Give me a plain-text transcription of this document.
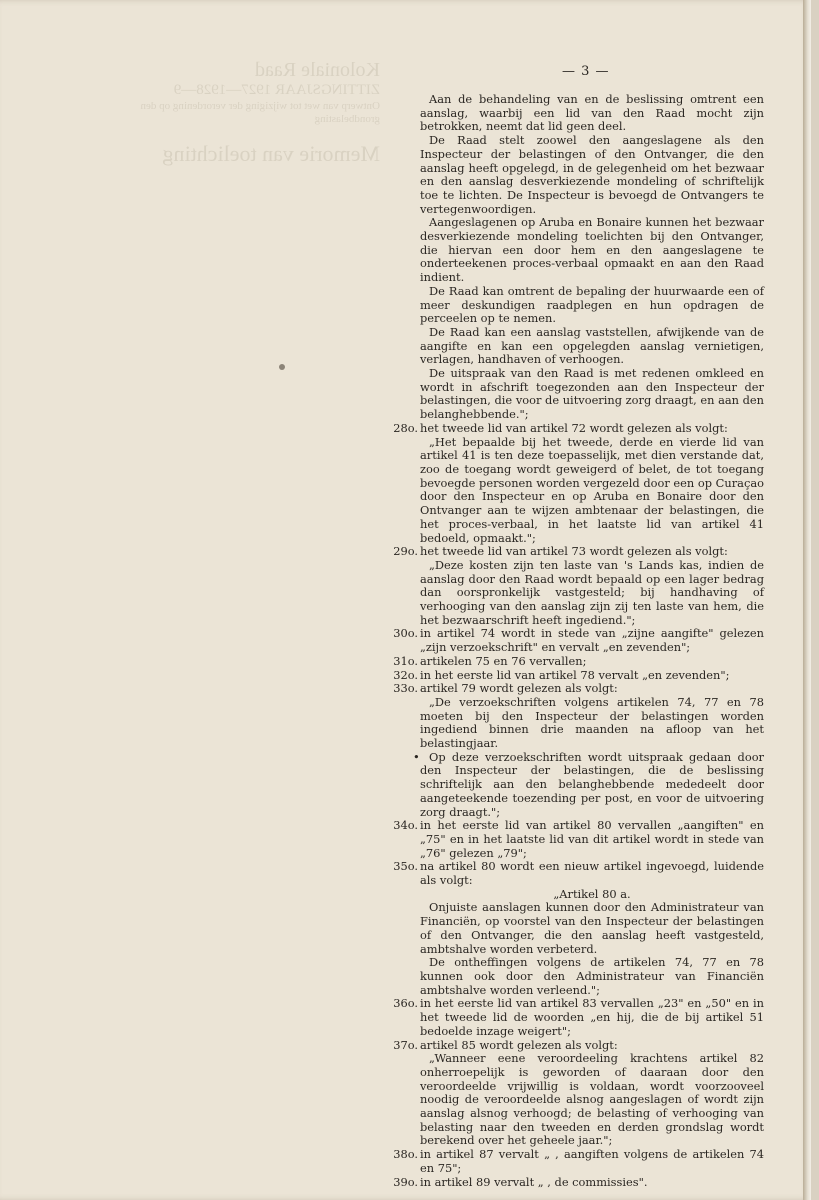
Koloniale Raad
ZITTINGSJAAR 1927—1928—9
Ontwerp van wet tot wijziging der verordening op den grondbelasting
Memorie van toelichting
— 3 —

Aan de behandeling van en de beslissing omtrent een aanslag, waarbij een lid van den Raad mocht zijn betrokken, neemt dat lid geen deel.

De Raad stelt zoowel den aangeslagene als den Inspecteur der belastingen of den Ontvanger, die den aanslag heeft opgelegd, in de gelegenheid om het bezwaar en den aanslag desverkiezende mondeling of schriftelijk toe te lichten. De Inspecteur is bevoegd de Ontvangers te vertegenwoordigen.

Aangeslagenen op Aruba en Bonaire kunnen het bezwaar desverkiezende mondeling toelichten bij den Ontvanger, die hiervan een door hem en den aangeslagene te onderteekenen proces-verbaal opmaakt en aan den Raad indient.

De Raad kan omtrent de bepaling der huurwaarde een of meer deskundigen raadplegen en hun opdragen de perceelen op te nemen.

De Raad kan een aanslag vaststellen, afwijkende van de aangifte en kan een opgelegden aanslag vernietigen, verlagen, handhaven of verhoogen.

De uitspraak van den Raad is met redenen omkleed en wordt in afschrift toegezonden aan den Inspecteur der belastingen, die voor de uitvoering zorg draagt, en aan den belanghebbende.";

28o. het tweede lid van artikel 72 wordt gelezen als volgt:

„Het bepaalde bij het tweede, derde en vierde lid van artikel 41 is ten deze toepasselijk, met dien verstande dat, zoo de toegang wordt geweigerd of belet, de tot toegang bevoegde personen worden vergezeld door een op Curaçao door den Inspecteur en op Aruba en Bonaire door den Ontvanger aan te wijzen ambtenaar der belastingen, die het proces-verbaal, in het laatste lid van artikel 41 bedoeld, opmaakt.";

29o. het tweede lid van artikel 73 wordt gelezen als volgt:

„Deze kosten zijn ten laste van 's Lands kas, indien de aanslag door den Raad wordt bepaald op een lager bedrag dan oorspronkelijk vastgesteld; bij handhaving of verhooging van den aanslag zijn zij ten laste van hem, die het bezwaarschrift heeft ingediend.";

30o. in artikel 74 wordt in stede van „zijne aangifte" gelezen „zijn verzoekschrift" en vervalt „en zevenden";

31o. artikelen 75 en 76 vervallen;

32o. in het eerste lid van artikel 78 vervalt „en zevenden";

33o. artikel 79 wordt gelezen als volgt:

„De verzoekschriften volgens artikelen 74, 77 en 78 moeten bij den Inspecteur der belastingen worden ingediend binnen drie maanden na afloop van het belastingjaar.

• Op deze verzoekschriften wordt uitspraak gedaan door den Inspecteur der belastingen, die de beslissing schriftelijk aan den belanghebbende mededeelt door aangeteekende toezending per post, en voor de uitvoering zorg draagt.";

34o. in het eerste lid van artikel 80 vervallen „aangiften" en „75" en in het laatste lid van dit artikel wordt in stede van „76" gelezen „79";

35o. na artikel 80 wordt een nieuw artikel ingevoegd, luidende als volgt:

„Artikel 80 a.

Onjuiste aanslagen kunnen door den Administrateur van Financiën, op voorstel van den Inspecteur der belastingen of den Ontvanger, die den aanslag heeft vastgesteld, ambtshalve worden verbeterd.

De ontheffingen volgens de artikelen 74, 77 en 78 kunnen ook door den Administrateur van Financiën ambtshalve worden verleend.";

36o. in het eerste lid van artikel 83 vervallen „23" en „50" en in het tweede lid de woorden „en hij, die de bij artikel 51 bedoelde inzage weigert";

37o. artikel 85 wordt gelezen als volgt:

„Wanneer eene veroordeeling krachtens artikel 82 onherroepelijk is geworden of daaraan door den veroordeelde vrijwillig is voldaan, wordt voorzooveel noodig de veroordeelde alsnog aangeslagen of wordt zijn aanslag alsnog verhoogd; de belasting of verhooging van belasting naar den tweeden en derden grondslag wordt berekend over het geheele jaar.";

38o. in artikel 87 vervalt „ , aangiften volgens de artikelen 74 en 75";

39o. in artikel 89 vervalt „ , de commissies".
